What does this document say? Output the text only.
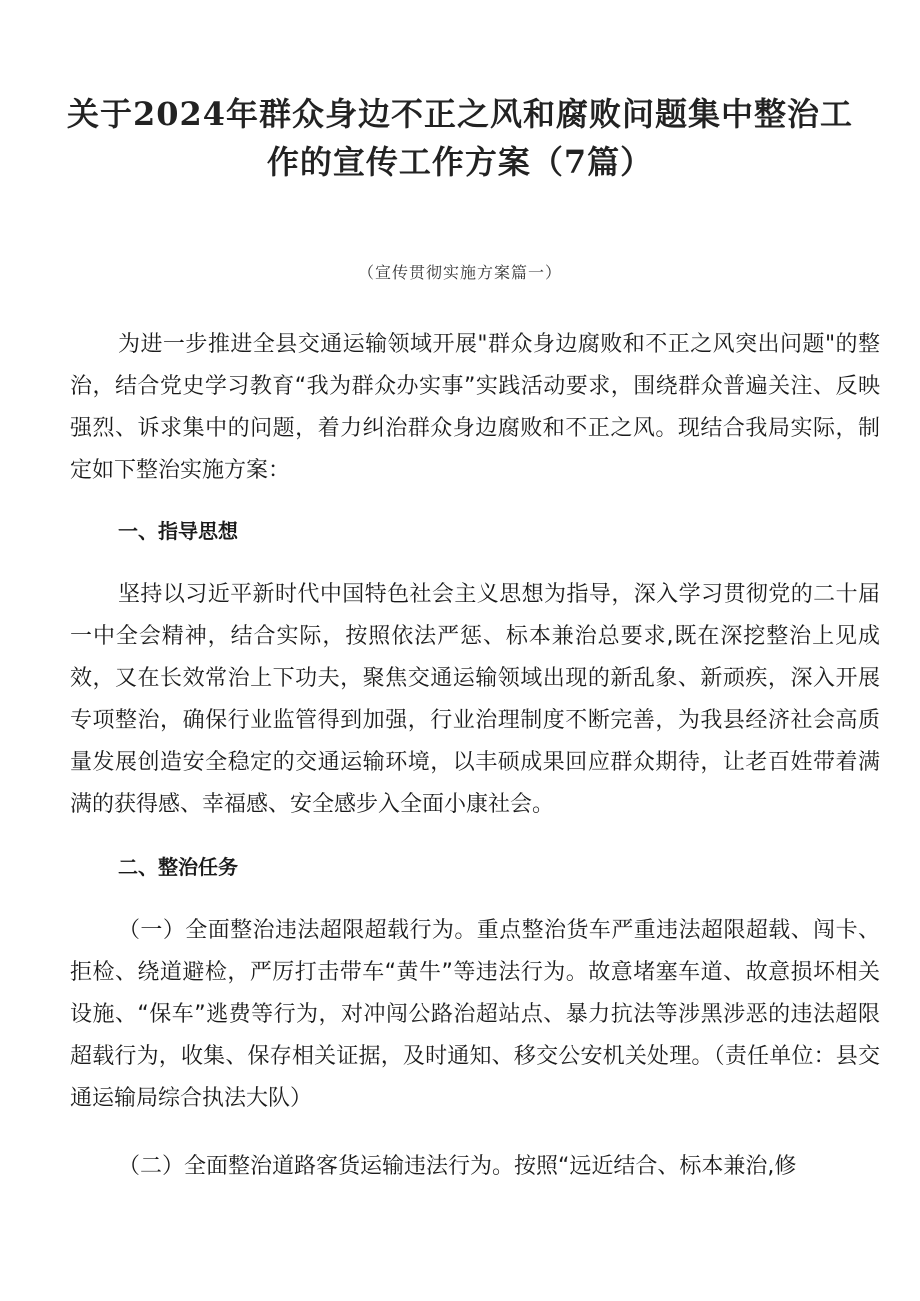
关于2024年群众身边不正之风和腐败问题集中整治工作的宣传工作方案（7篇）
（宣传贯彻实施方案篇一）

为进一步推进全县交通运输领域开展"群众身边腐败和不正之风突出问题"的整治，结合党史学习教育“我为群众办实事”实践活动要求，围绕群众普遍关注、反映强烈、诉求集中的问题，着力纠治群众身边腐败和不正之风。现结合我局实际，制定如下整治实施方案：

一、指导思想

坚持以习近平新时代中国特色社会主义思想为指导，深入学习贯彻党的二十届一中全会精神，结合实际，按照依法严惩、标本兼治总要求,既在深挖整治上见成效，又在长效常治上下功夫，聚焦交通运输领域出现的新乱象、新顽疾，深入开展专项整治，确保行业监管得到加强，行业治理制度不断完善，为我县经济社会高质量发展创造安全稳定的交通运输环境，以丰硕成果回应群众期待，让老百姓带着满满的获得感、幸福感、安全感步入全面小康社会。

二、整治任务

（一）全面整治违法超限超载行为。重点整治货车严重违法超限超载、闯卡、拒检、绕道避检，严厉打击带车“黄牛”等违法行为。故意堵塞车道、故意损坏相关设施、“保车”逃费等行为，对冲闯公路治超站点、暴力抗法等涉黑涉恶的违法超限超载行为，收集、保存相关证据，及时通知、移交公安机关处理。（责任单位：县交通运输局综合执法大队）

（二）全面整治道路客货运输违法行为。按照“远近结合、标本兼治,修
